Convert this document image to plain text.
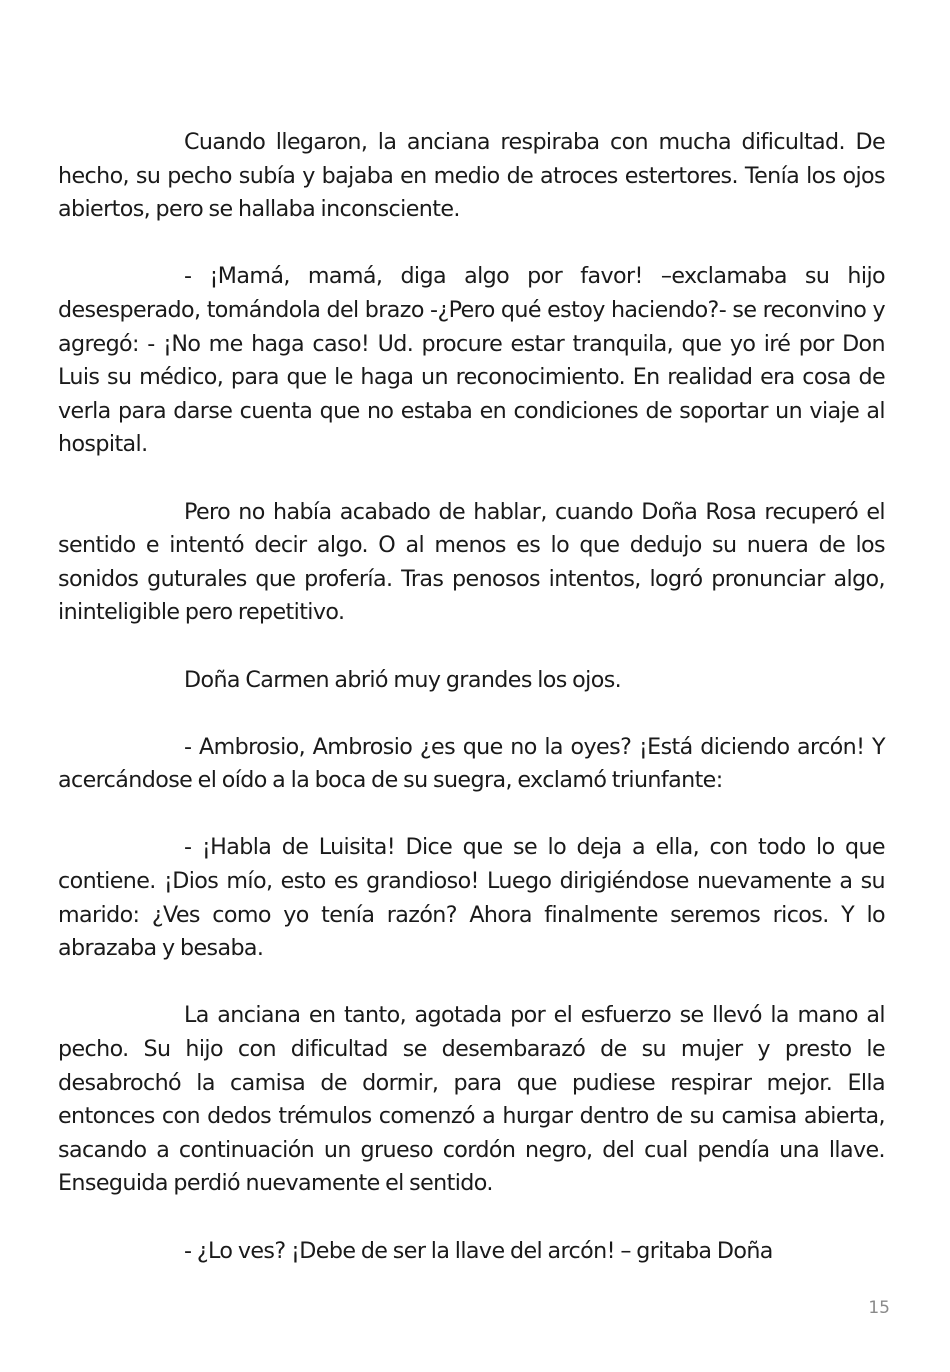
Cuando llegaron, la anciana respiraba con mucha dificultad. De hecho, su pecho subía y bajaba en medio de atroces estertores. Tenía los ojos abiertos, pero se hallaba inconsciente.

- ¡Mamá, mamá, diga algo por favor! –exclamaba su hijo desesperado, tomándola del brazo -¿Pero qué estoy haciendo?- se reconvino y agregó: - ¡No me haga caso! Ud. procure estar tranquila, que yo iré por Don Luis su médico, para que le haga un reconocimiento. En realidad era cosa de verla para darse cuenta que no estaba en condiciones de soportar un viaje al hospital.

Pero no había acabado de hablar, cuando Doña Rosa recuperó el sentido e intentó decir algo. O al menos es lo que dedujo su nuera de los sonidos guturales que profería. Tras penosos intentos, logró pronunciar algo, ininteligible pero repetitivo.

Doña Carmen abrió muy grandes los ojos.

- Ambrosio, Ambrosio ¿es que no la oyes? ¡Está diciendo arcón! Y acercándose el oído a la boca de su suegra, exclamó triunfante:

- ¡Habla de Luisita! Dice que se lo deja a ella, con todo lo que contiene. ¡Dios mío, esto es grandioso! Luego dirigiéndose nuevamente a su marido: ¿Ves como yo tenía razón? Ahora finalmente seremos ricos. Y lo abrazaba y besaba.

La anciana en tanto, agotada por el esfuerzo se llevó la mano al pecho. Su hijo con dificultad se desembarazó de su mujer y presto le desabrochó la camisa de dormir, para que pudiese respirar mejor. Ella entonces con dedos trémulos comenzó a hurgar dentro de su camisa abierta, sacando a continuación un grueso cordón negro, del cual pendía una llave. Enseguida perdió nuevamente el sentido.

- ¿Lo ves? ¡Debe de ser la llave del arcón! – gritaba Doña

15
